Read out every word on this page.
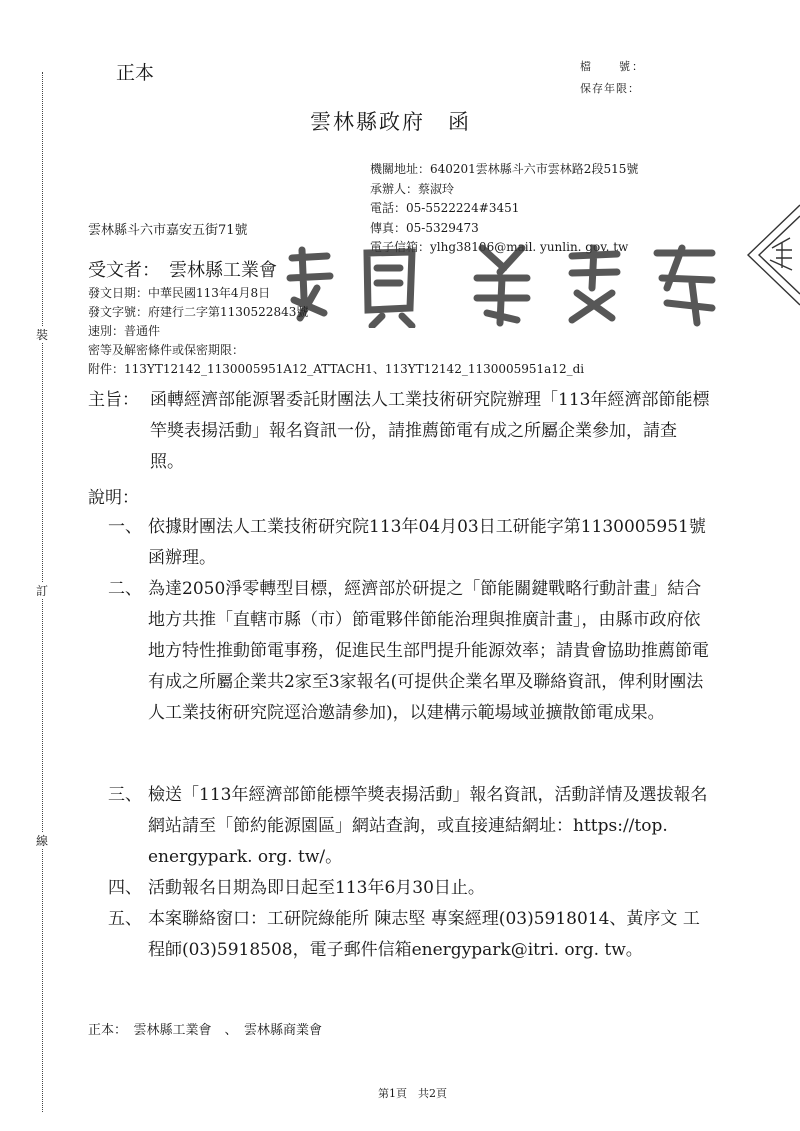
裝
訂
線
正本	檔　　號：
保存年限：
雲林縣政府　函
機關地址：640201雲林縣斗六市雲林路2段515號
承辦人：蔡淑玲
電話：05-5522224#3451
傳真：05-5329473
電子信箱：ylhg38106@mail. yunlin. gov. tw
雲林縣斗六市嘉安五街71號
受文者：　雲林縣工業會
發文日期：中華民國113年4月8日
發文字號：府建行二字第1130522843號
速別：普通件
密等及解密條件或保密期限：
附件：113YT12142_1130005951A12_ATTACH1、113YT12142_1130005951a12_di
主旨： 函轉經濟部能源署委託財團法人工業技術研究院辦理「113年經濟部節能標竿獎表揚活動」報名資訊一份，請推薦節電有成之所屬企業參加，請查照。
說明：
一、 依據財團法人工業技術研究院113年04月03日工研能字第1130005951號函辦理。
二、 為達2050淨零轉型目標，經濟部於研提之「節能關鍵戰略行動計畫」結合地方共推「直轄市縣（市）節電夥伴節能治理與推廣計畫」，由縣市政府依地方特性推動節電事務，促進民生部門提升能源效率；請貴會協助推薦節電有成之所屬企業共2家至3家報名(可提供企業名單及聯絡資訊，俾利財團法人工業技術研究院逕洽邀請參加)，以建構示範場域並擴散節電成果。
三、 檢送「113年經濟部節能標竿獎表揚活動」報名資訊，活動詳情及選拔報名網站請至「節約能源園區」網站查詢，或直接連結網址：https://top. energypark. org. tw/。
四、 活動報名日期為即日起至113年6月30日止。
五、 本案聯絡窗口：工研院綠能所 陳志堅 專案經理(03)5918014、黃序文 工程師(03)5918508，電子郵件信箱energypark@itri. org. tw。
正本：　雲林縣工業會　、　雲林縣商業會
第1頁　共2頁
